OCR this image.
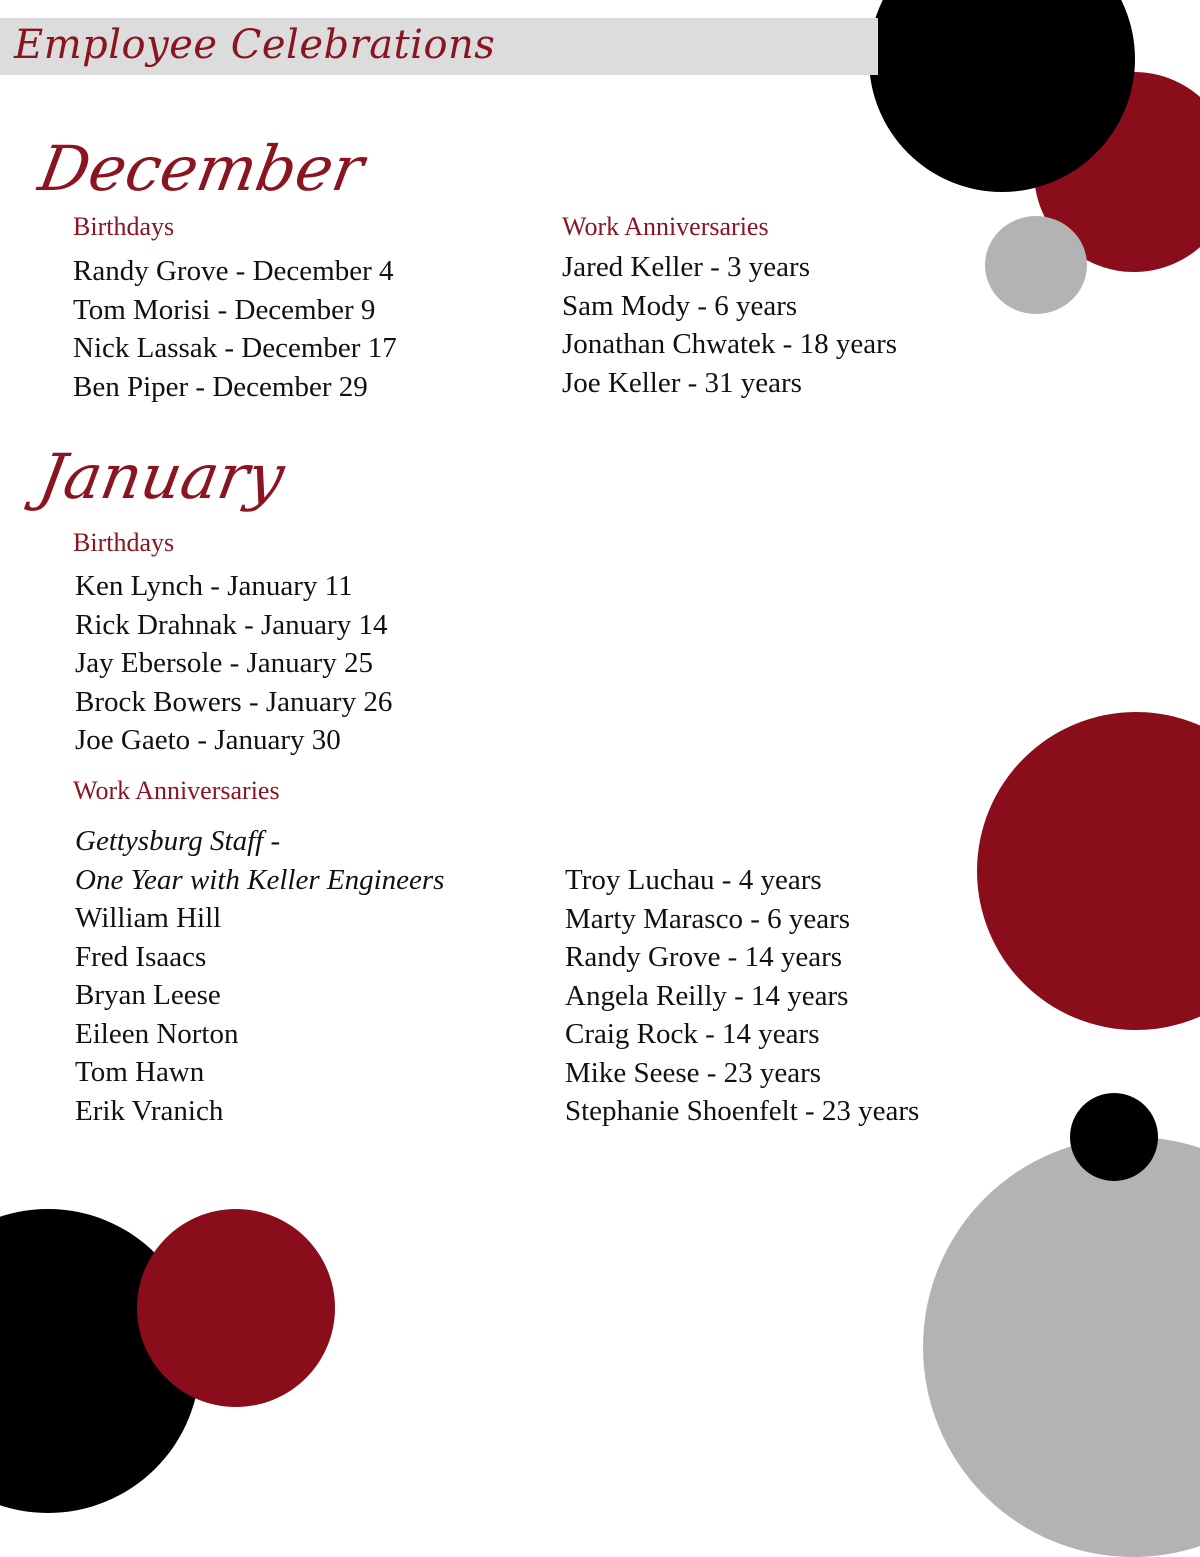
Employee Celebrations
December
Birthdays
Randy Grove - December 4
Tom Morisi - December 9
Nick Lassak - December 17
Ben Piper - December 29
Work Anniversaries
Jared Keller - 3 years
Sam Mody - 6 years
Jonathan Chwatek - 18 years
Joe Keller - 31 years
January
Birthdays
Ken Lynch - January 11
Rick Drahnak - January 14
Jay Ebersole - January 25
Brock Bowers - January 26
Joe Gaeto - January 30
Work Anniversaries
Gettysburg Staff -
One Year with Keller Engineers
William Hill
Fred Isaacs
Bryan Leese
Eileen Norton
Tom Hawn
Erik Vranich
Troy Luchau - 4 years
Marty Marasco - 6 years
Randy Grove - 14 years
Angela Reilly - 14 years
Craig Rock - 14 years
Mike Seese - 23 years
Stephanie Shoenfelt - 23 years
